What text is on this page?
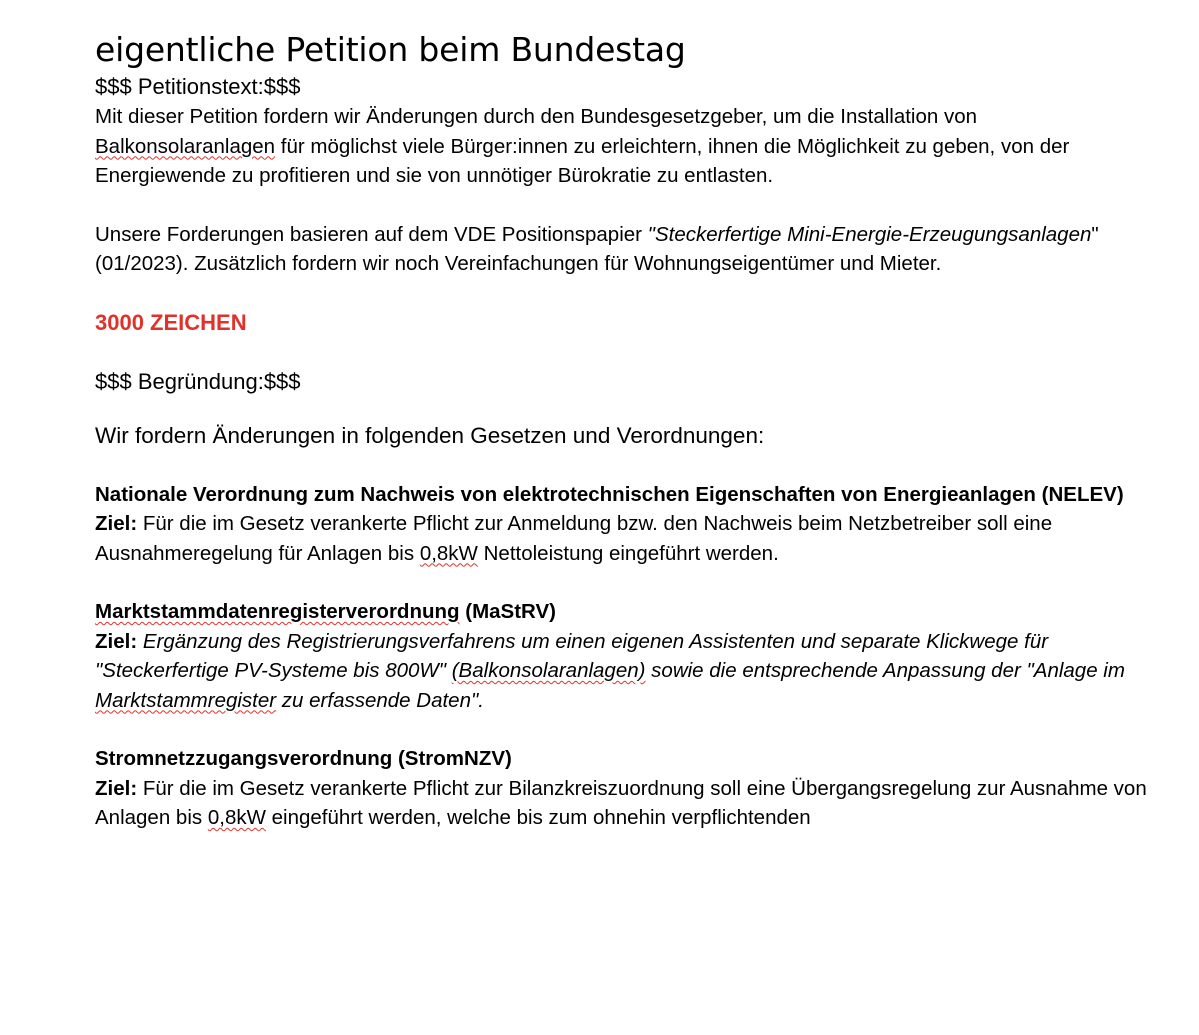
eigentliche Petition beim Bundestag

$$$ Petitionstext:$$$

Mit dieser Petition fordern wir Änderungen durch den Bundesgesetzgeber, um die Installation von Balkonsolaranlagen für möglichst viele Bürger:innen zu erleichtern, ihnen die Möglichkeit zu geben, von der Energiewende zu profitieren und sie von unnötiger Bürokratie zu entlasten.

Unsere Forderungen basieren auf dem VDE Positionspapier "Steckerfertige Mini-Energie-Erzeugungsanlagen" (01/2023). Zusätzlich fordern wir noch Vereinfachungen für Wohnungseigentümer und Mieter.

3000 ZEICHEN

$$$ Begründung:$$$

Wir fordern Änderungen in folgenden Gesetzen und Verordnungen:

Nationale Verordnung zum Nachweis von elektrotechnischen Eigenschaften von Energieanlagen (NELEV)

Ziel: Für die im Gesetz verankerte Pflicht zur Anmeldung bzw. den Nachweis beim Netzbetreiber soll eine Ausnahmeregelung für Anlagen bis 0,8kW Nettoleistung eingeführt werden.

Marktstammdatenregisterverordnung (MaStRV)

Ziel: Ergänzung des Registrierungsverfahrens um einen eigenen Assistenten und separate Klickwege für "Steckerfertige PV-Systeme bis 800W" (Balkonsolaranlagen) sowie die entsprechende Anpassung der "Anlage im Marktstammregister zu erfassende Daten".

Stromnetzzugangsverordnung (StromNZV)

Ziel: Für die im Gesetz verankerte Pflicht zur Bilanzkreiszuordnung soll eine Übergangsregelung zur Ausnahme von Anlagen bis 0,8kW eingeführt werden, welche bis zum ohnehin verpflichtenden
